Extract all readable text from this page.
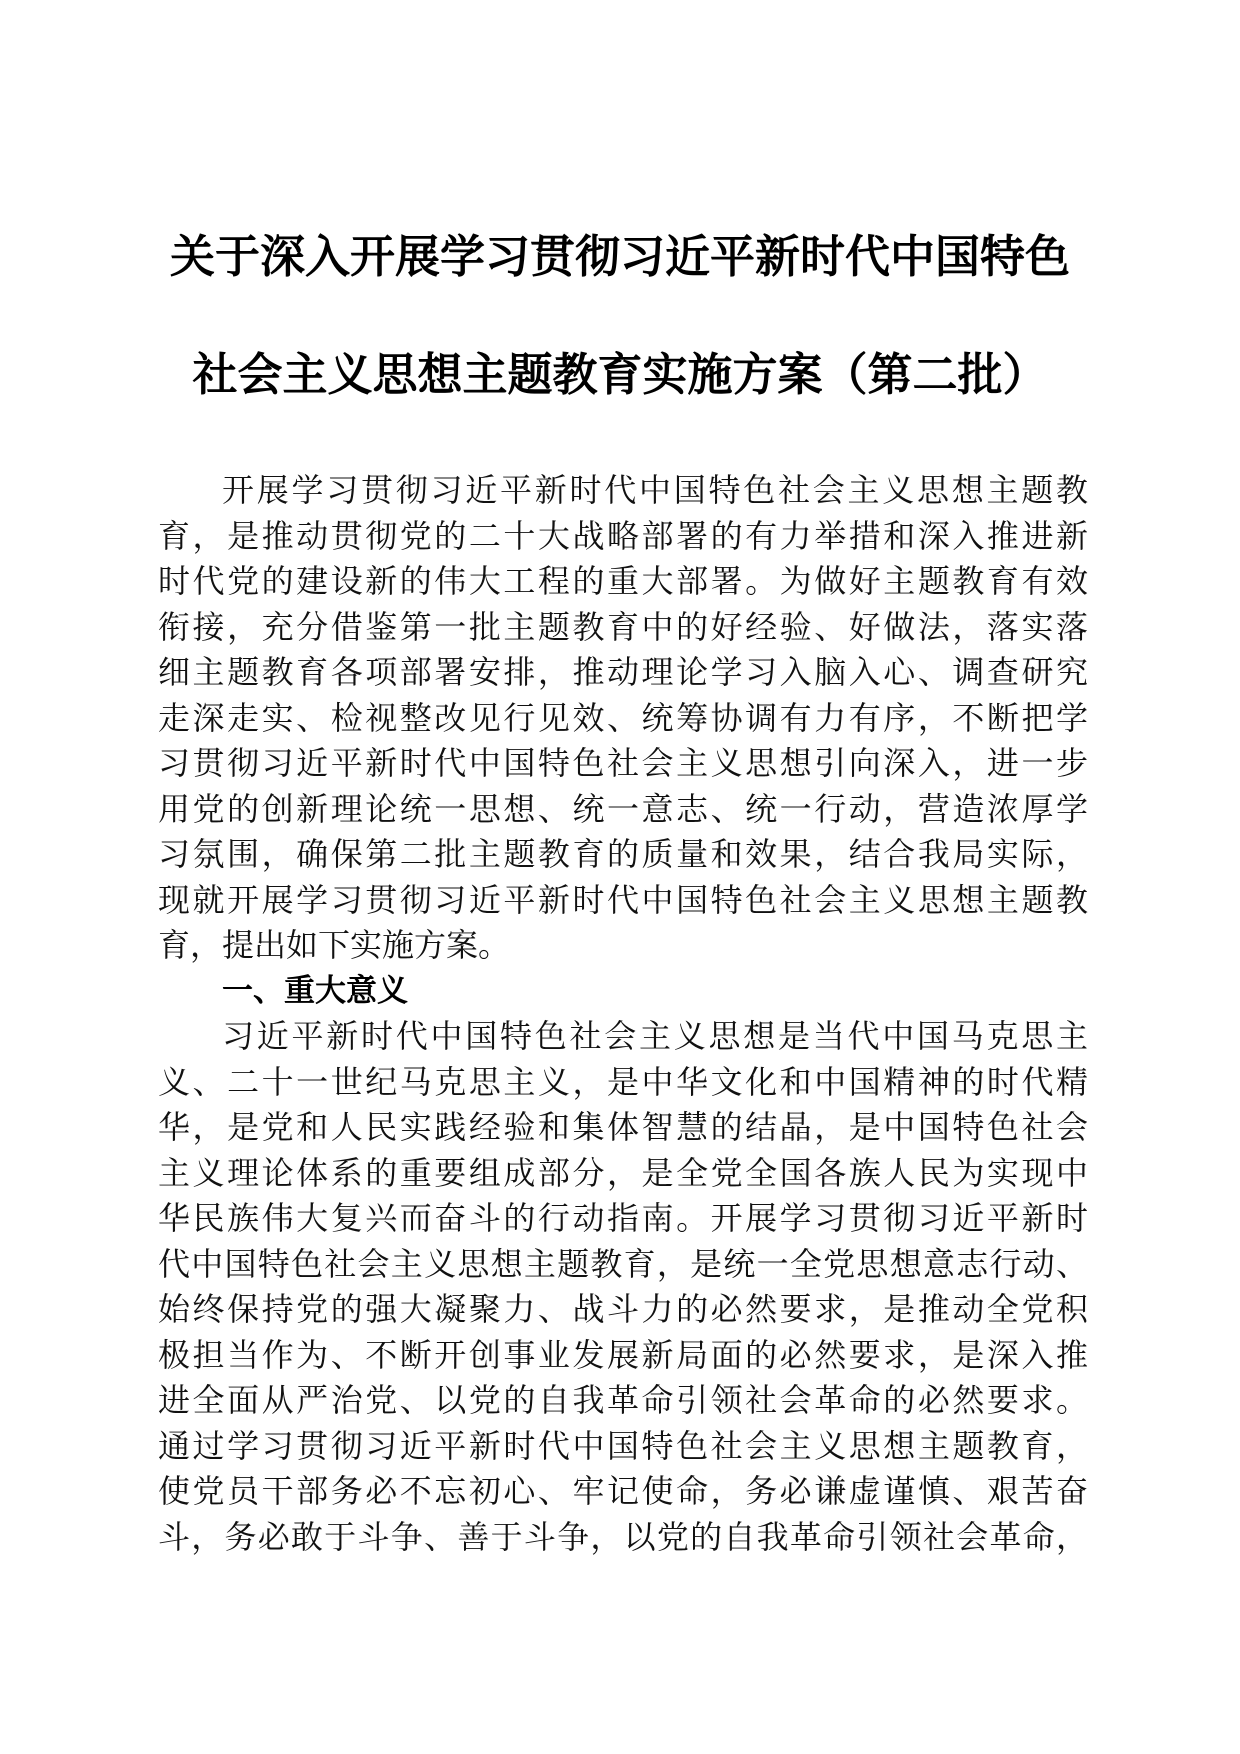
关于深入开展学习贯彻习近平新时代中国特色
社会主义思想主题教育实施方案（第二批）
开展学习贯彻习近平新时代中国特色社会主义思想主题教
育，是推动贯彻党的二十大战略部署的有力举措和深入推进新
时代党的建设新的伟大工程的重大部署。为做好主题教育有效
衔接，充分借鉴第一批主题教育中的好经验、好做法，落实落
细主题教育各项部署安排，推动理论学习入脑入心、调查研究
走深走实、检视整改见行见效、统筹协调有力有序，不断把学
习贯彻习近平新时代中国特色社会主义思想引向深入，进一步
用党的创新理论统一思想、统一意志、统一行动，营造浓厚学
习氛围，确保第二批主题教育的质量和效果，结合我局实际，
现就开展学习贯彻习近平新时代中国特色社会主义思想主题教
育，提出如下实施方案。
一、重大意义
习近平新时代中国特色社会主义思想是当代中国马克思主
义、二十一世纪马克思主义，是中华文化和中国精神的时代精
华，是党和人民实践经验和集体智慧的结晶，是中国特色社会
主义理论体系的重要组成部分，是全党全国各族人民为实现中
华民族伟大复兴而奋斗的行动指南。开展学习贯彻习近平新时
代中国特色社会主义思想主题教育，是统一全党思想意志行动、
始终保持党的强大凝聚力、战斗力的必然要求，是推动全党积
极担当作为、不断开创事业发展新局面的必然要求，是深入推
进全面从严治党、以党的自我革命引领社会革命的必然要求。
通过学习贯彻习近平新时代中国特色社会主义思想主题教育，
使党员干部务必不忘初心、牢记使命，务必谦虚谨慎、艰苦奋
斗，务必敢于斗争、善于斗争，以党的自我革命引领社会革命，
